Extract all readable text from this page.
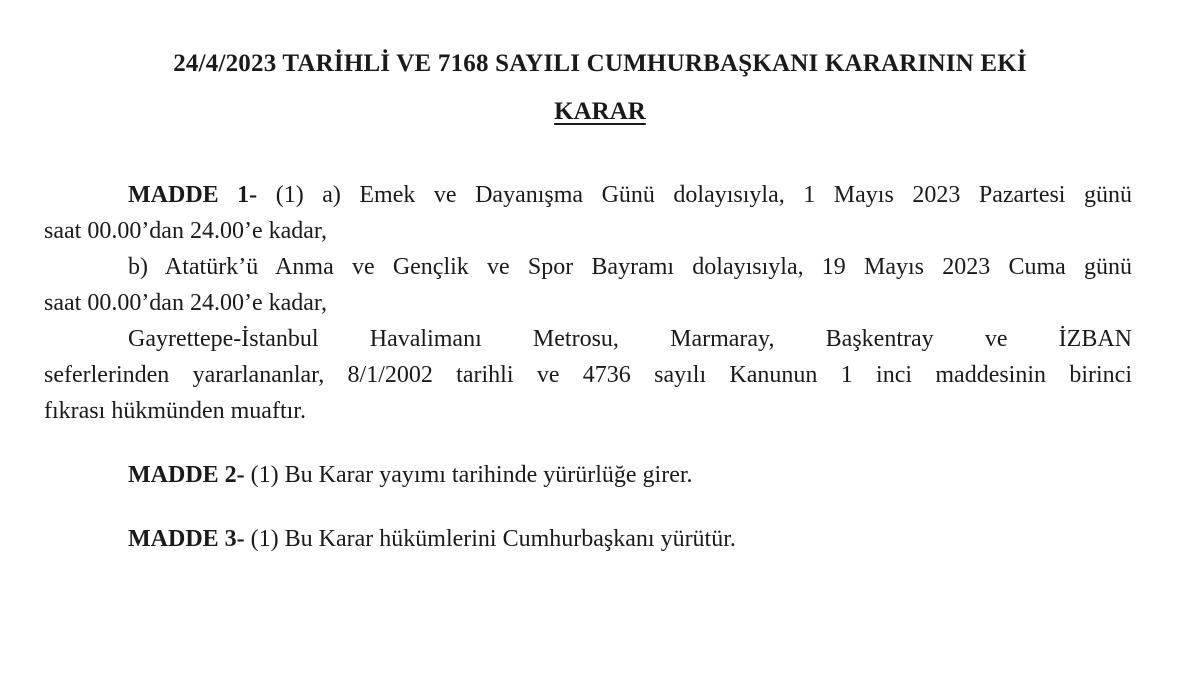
24/4/2023 TARİHLİ VE 7168 SAYILI CUMHURBAŞKANI KARARININ EKİ
KARAR
MADDE 1- (1) a) Emek ve Dayanışma Günü dolayısıyla, 1 Mayıs 2023 Pazartesi günü
saat 00.00’dan 24.00’e kadar,
b) Atatürk’ü Anma ve Gençlik ve Spor Bayramı dolayısıyla, 19 Mayıs 2023 Cuma günü
saat 00.00’dan 24.00’e kadar,
Gayrettepe-İstanbul Havalimanı Metrosu, Marmaray, Başkentray ve İZBAN
seferlerinden yararlananlar, 8/1/2002 tarihli ve 4736 sayılı Kanunun 1 inci maddesinin birinci
fıkrası hükmünden muaftır.
MADDE 2- (1) Bu Karar yayımı tarihinde yürürlüğe girer.
MADDE 3- (1) Bu Karar hükümlerini Cumhurbaşkanı yürütür.
